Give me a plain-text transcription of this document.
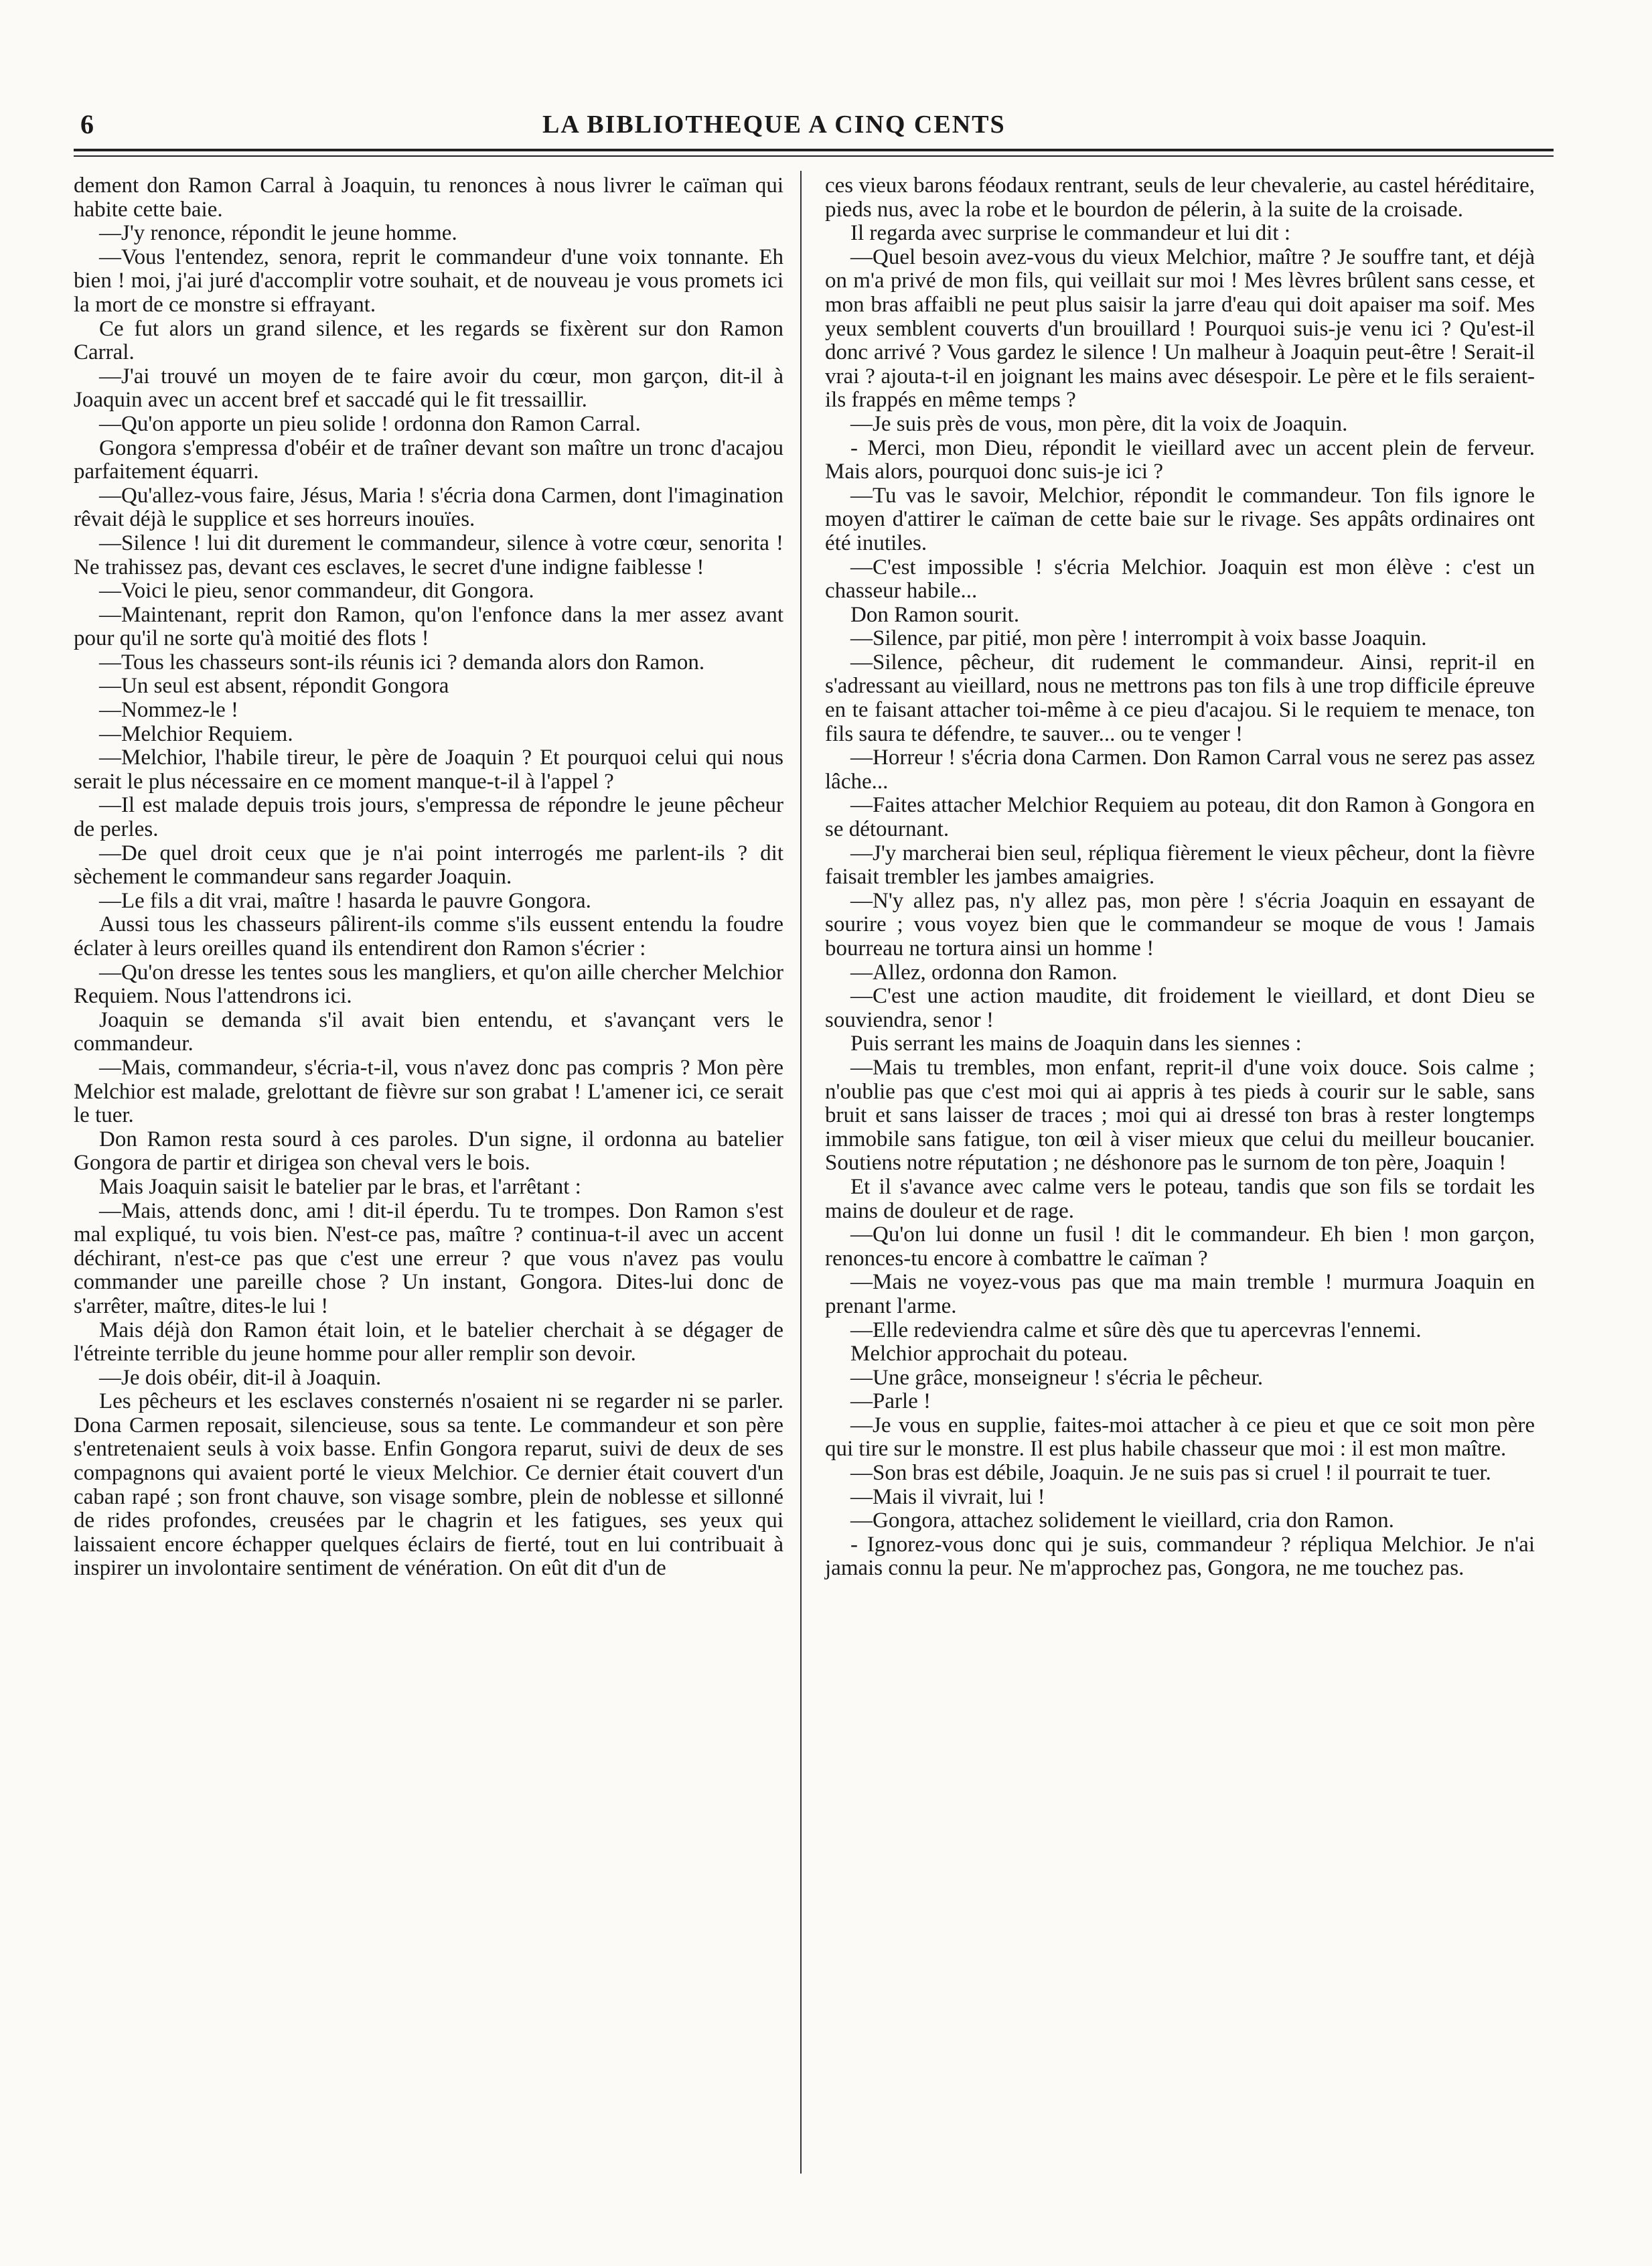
6	LA BIBLIOTHEQUE A CINQ CENTS

dement don Ramon Carral à Joaquin, tu renonces à nous livrer le caïman qui habite cette baie.

—J'y renonce, répondit le jeune homme.

—Vous l'entendez, senora, reprit le commandeur d'une voix tonnante. Eh bien ! moi, j'ai juré d'accomplir votre souhait, et de nouveau je vous promets ici la mort de ce monstre si effrayant.

Ce fut alors un grand silence, et les regards se fixèrent sur don Ramon Carral.

—J'ai trouvé un moyen de te faire avoir du cœur, mon garçon, dit-il à Joaquin avec un accent bref et saccadé qui le fit tressaillir.

—Qu'on apporte un pieu solide ! ordonna don Ramon Carral.

Gongora s'empressa d'obéir et de traîner devant son maître un tronc d'acajou parfaitement équarri.

—Qu'allez-vous faire, Jésus, Maria ! s'écria dona Carmen, dont l'imagination rêvait déjà le supplice et ses horreurs inouïes.

—Silence ! lui dit durement le commandeur, silence à votre cœur, senorita ! Ne trahissez pas, devant ces esclaves, le secret d'une indigne faiblesse !

—Voici le pieu, senor commandeur, dit Gongora.

—Maintenant, reprit don Ramon, qu'on l'enfonce dans la mer assez avant pour qu'il ne sorte qu'à moitié des flots !

—Tous les chasseurs sont-ils réunis ici ? demanda alors don Ramon.

—Un seul est absent, répondit Gongora

—Nommez-le !

—Melchior Requiem.

—Melchior, l'habile tireur, le père de Joaquin ? Et pourquoi celui qui nous serait le plus nécessaire en ce moment manque-t-il à l'appel ?

—Il est malade depuis trois jours, s'empressa de répondre le jeune pêcheur de perles.

—De quel droit ceux que je n'ai point interrogés me parlent-ils ? dit sèchement le commandeur sans regarder Joaquin.

—Le fils a dit vrai, maître ! hasarda le pauvre Gongora.

Aussi tous les chasseurs pâlirent-ils comme s'ils eussent entendu la foudre éclater à leurs oreilles quand ils entendirent don Ramon s'écrier :

—Qu'on dresse les tentes sous les mangliers, et qu'on aille chercher Melchior Requiem. Nous l'attendrons ici.

Joaquin se demanda s'il avait bien entendu, et s'avançant vers le commandeur.

—Mais, commandeur, s'écria-t-il, vous n'avez donc pas compris ? Mon père Melchior est malade, grelottant de fièvre sur son grabat ! L'amener ici, ce serait le tuer.

Don Ramon resta sourd à ces paroles. D'un signe, il ordonna au batelier Gongora de partir et dirigea son cheval vers le bois.

Mais Joaquin saisit le batelier par le bras, et l'arrêtant :

—Mais, attends donc, ami ! dit-il éperdu. Tu te trompes. Don Ramon s'est mal expliqué, tu vois bien. N'est-ce pas, maître ? continua-t-il avec un accent déchirant, n'est-ce pas que c'est une erreur ? que vous n'avez pas voulu commander une pareille chose ? Un instant, Gongora. Dites-lui donc de s'arrêter, maître, dites-le lui !

Mais déjà don Ramon était loin, et le batelier cherchait à se dégager de l'étreinte terrible du jeune homme pour aller remplir son devoir.

—Je dois obéir, dit-il à Joaquin.

Les pêcheurs et les esclaves consternés n'osaient ni se regarder ni se parler. Dona Carmen reposait, silencieuse, sous sa tente. Le commandeur et son père s'entretenaient seuls à voix basse. Enfin Gongora reparut, suivi de deux de ses compagnons qui avaient porté le vieux Melchior. Ce dernier était couvert d'un caban rapé ; son front chauve, son visage sombre, plein de noblesse et sillonné de rides profondes, creusées par le chagrin et les fatigues, ses yeux qui laissaient encore échapper quelques éclairs de fierté, tout en lui contribuait à inspirer un involontaire sentiment de vénération. On eût dit d'un de

ces vieux barons féodaux rentrant, seuls de leur chevalerie, au castel héréditaire, pieds nus, avec la robe et le bourdon de pélerin, à la suite de la croisade.

Il regarda avec surprise le commandeur et lui dit :

—Quel besoin avez-vous du vieux Melchior, maître ? Je souffre tant, et déjà on m'a privé de mon fils, qui veillait sur moi ! Mes lèvres brûlent sans cesse, et mon bras affaibli ne peut plus saisir la jarre d'eau qui doit apaiser ma soif. Mes yeux semblent couverts d'un brouillard ! Pourquoi suis-je venu ici ? Qu'est-il donc arrivé ? Vous gardez le silence ! Un malheur à Joaquin peut-être ! Serait-il vrai ? ajouta-t-il en joignant les mains avec désespoir. Le père et le fils seraient-ils frappés en même temps ?

—Je suis près de vous, mon père, dit la voix de Joaquin.

- Merci, mon Dieu, répondit le vieillard avec un accent plein de ferveur. Mais alors, pourquoi donc suis-je ici ?

—Tu vas le savoir, Melchior, répondit le commandeur. Ton fils ignore le moyen d'attirer le caïman de cette baie sur le rivage. Ses appâts ordinaires ont été inutiles.

—C'est impossible ! s'écria Melchior. Joaquin est mon élève : c'est un chasseur habile...

Don Ramon sourit.

—Silence, par pitié, mon père ! interrompit à voix basse Joaquin.

—Silence, pêcheur, dit rudement le commandeur. Ainsi, reprit-il en s'adressant au vieillard, nous ne mettrons pas ton fils à une trop difficile épreuve en te faisant attacher toi-même à ce pieu d'acajou. Si le requiem te menace, ton fils saura te défendre, te sauver... ou te venger !

—Horreur ! s'écria dona Carmen. Don Ramon Carral vous ne serez pas assez lâche...

—Faites attacher Melchior Requiem au poteau, dit don Ramon à Gongora en se détournant.

—J'y marcherai bien seul, répliqua fièrement le vieux pêcheur, dont la fièvre faisait trembler les jambes amaigries.

—N'y allez pas, n'y allez pas, mon père ! s'écria Joaquin en essayant de sourire ; vous voyez bien que le commandeur se moque de vous ! Jamais bourreau ne tortura ainsi un homme !

—Allez, ordonna don Ramon.

—C'est une action maudite, dit froidement le vieillard, et dont Dieu se souviendra, senor !

Puis serrant les mains de Joaquin dans les siennes :

—Mais tu trembles, mon enfant, reprit-il d'une voix douce. Sois calme ; n'oublie pas que c'est moi qui ai appris à tes pieds à courir sur le sable, sans bruit et sans laisser de traces ; moi qui ai dressé ton bras à rester longtemps immobile sans fatigue, ton œil à viser mieux que celui du meilleur boucanier. Soutiens notre réputation ; ne déshonore pas le surnom de ton père, Joaquin !

Et il s'avance avec calme vers le poteau, tandis que son fils se tordait les mains de douleur et de rage.

—Qu'on lui donne un fusil ! dit le commandeur. Eh bien ! mon garçon, renonces-tu encore à combattre le caïman ?

—Mais ne voyez-vous pas que ma main tremble ! murmura Joaquin en prenant l'arme.

—Elle redeviendra calme et sûre dès que tu apercevras l'ennemi.

Melchior approchait du poteau.

—Une grâce, monseigneur ! s'écria le pêcheur.

—Parle !

—Je vous en supplie, faites-moi attacher à ce pieu et que ce soit mon père qui tire sur le monstre. Il est plus habile chasseur que moi : il est mon maître.

—Son bras est débile, Joaquin. Je ne suis pas si cruel ! il pourrait te tuer.

—Mais il vivrait, lui !

—Gongora, attachez solidement le vieillard, cria don Ramon.

- Ignorez-vous donc qui je suis, commandeur ? répliqua Melchior. Je n'ai jamais connu la peur. Ne m'approchez pas, Gongora, ne me touchez pas.
